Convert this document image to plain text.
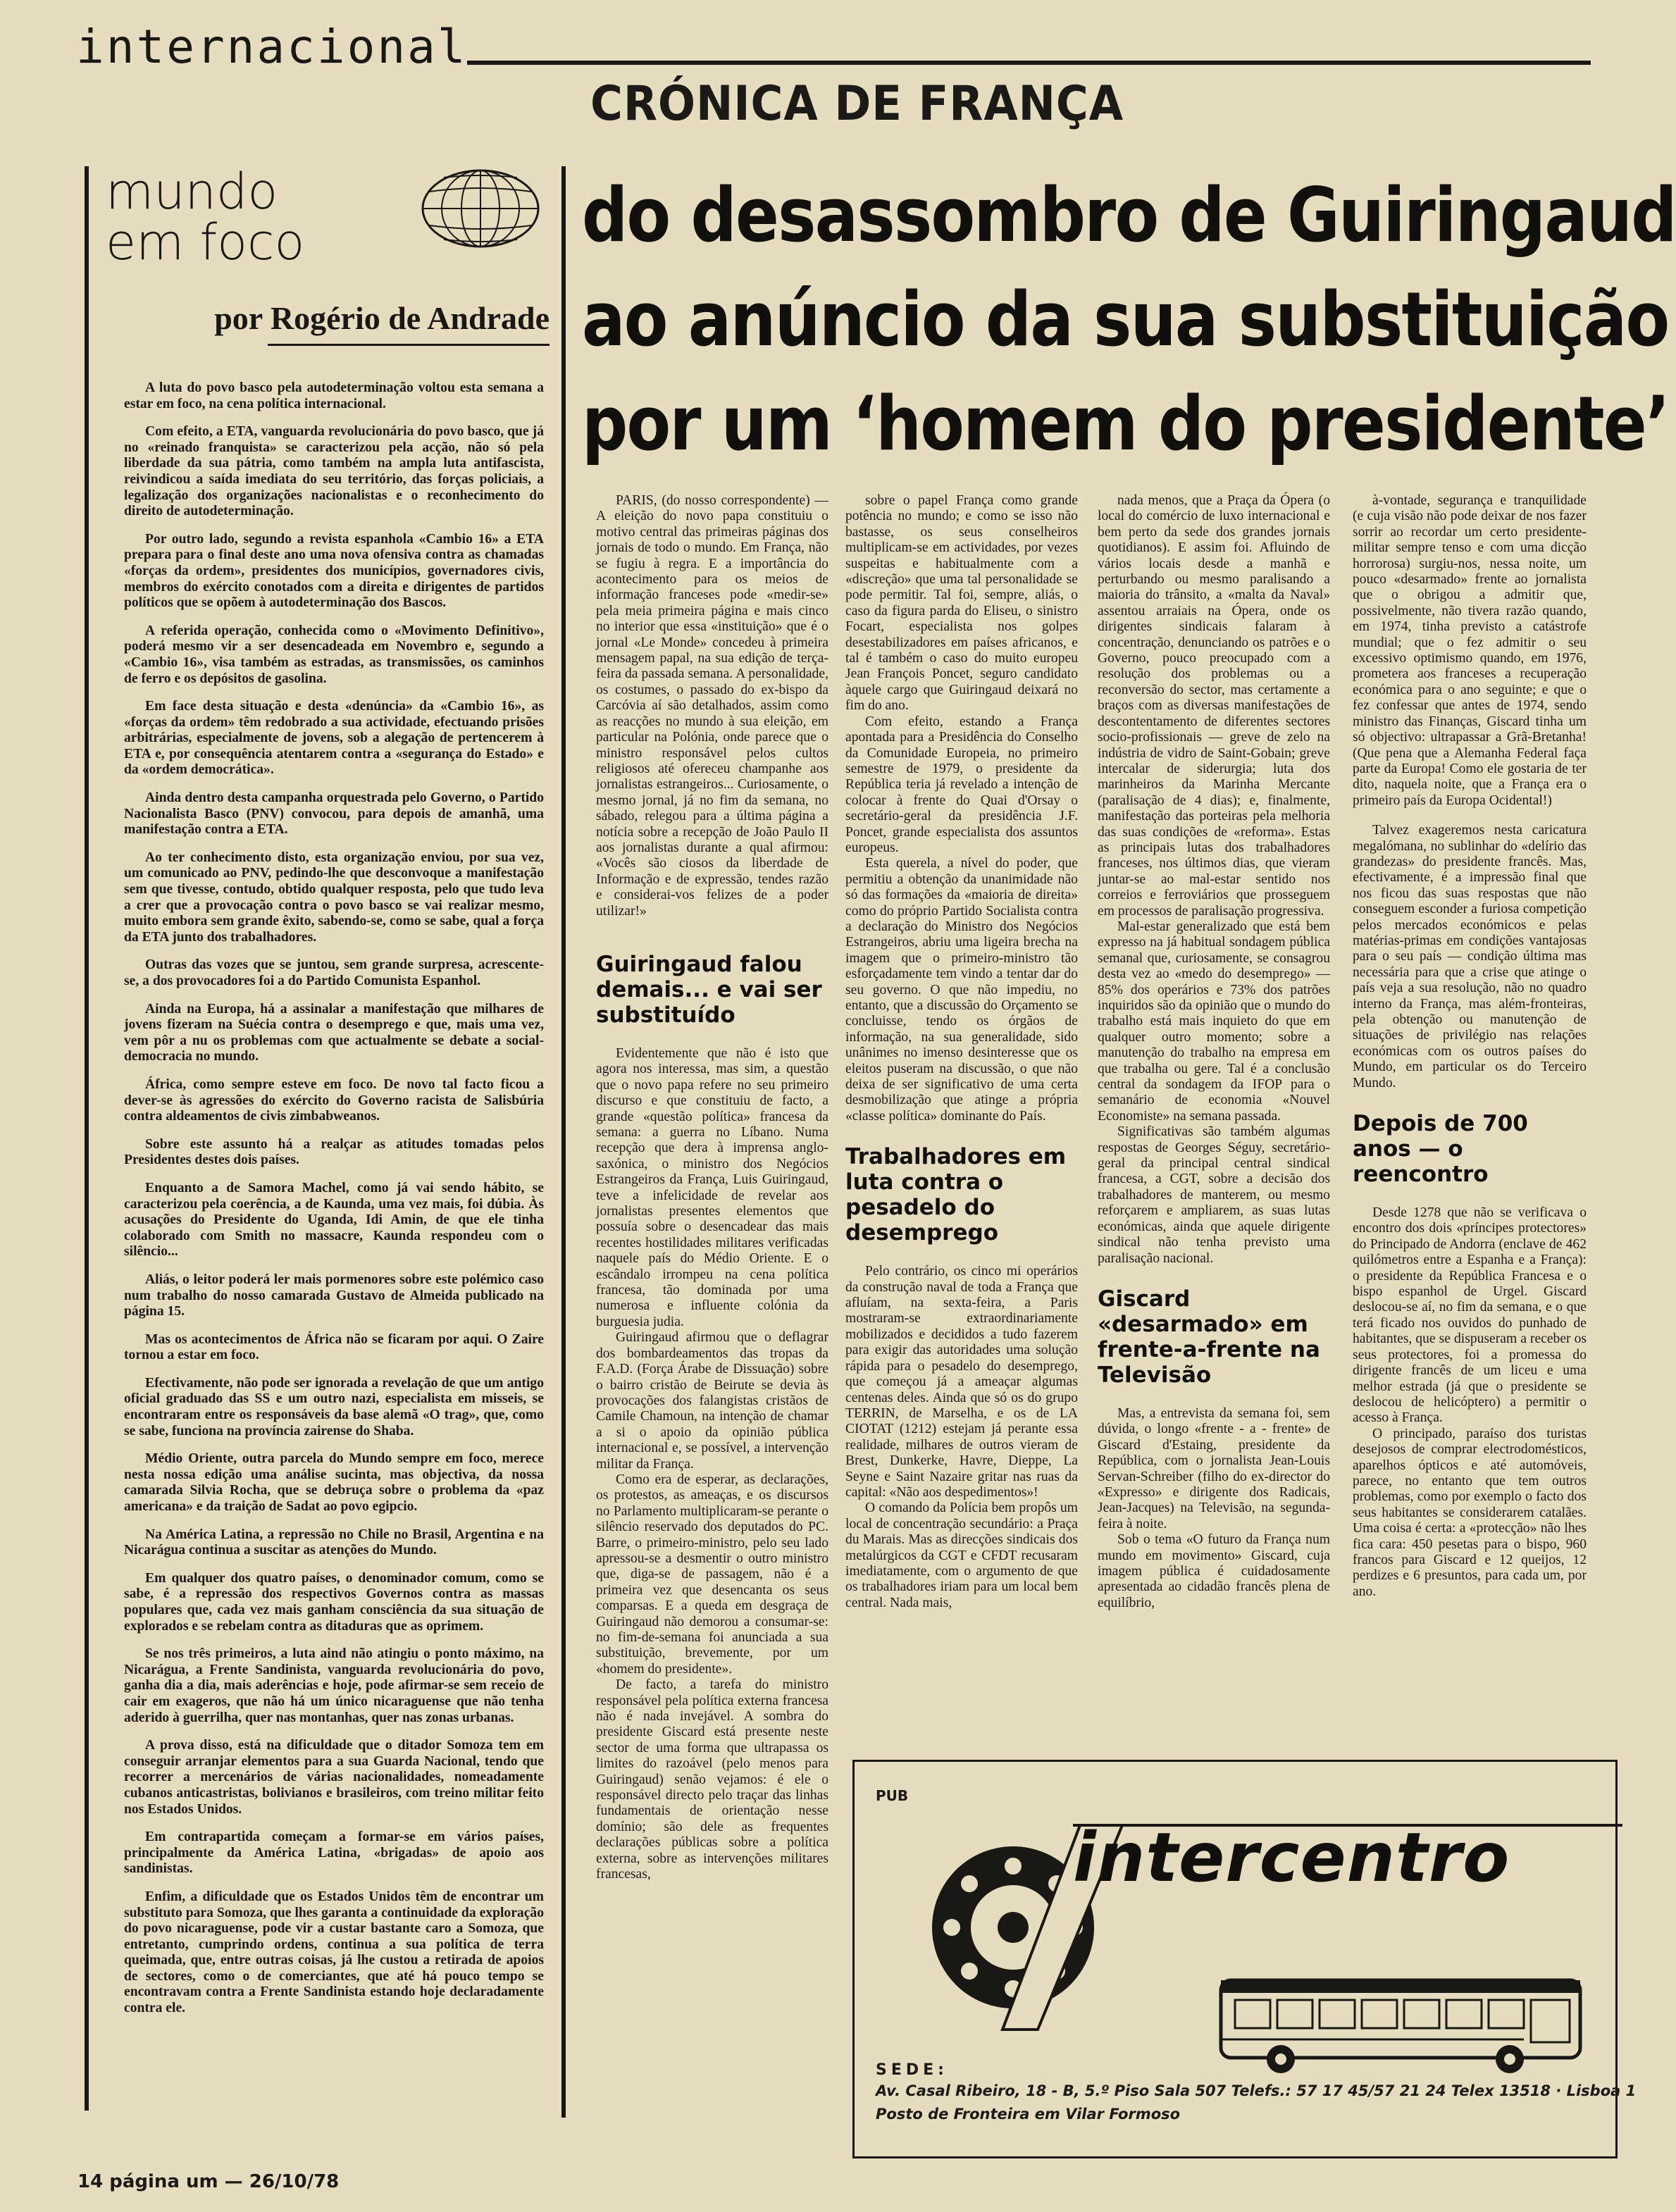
internacional
mundo
em foco
por Rogério de Andrade

A luta do povo basco pela autodeterminação voltou esta semana a estar em foco, na cena política internacional.

Com efeito, a ETA, vanguarda revolucionária do povo basco, que já no «reinado franquista» se caracterizou pela acção, não só pela liberdade da sua pátria, como também na ampla luta antifascista, reivindicou a saída imediata do seu território, das forças policiais, a legalização dos organizações nacionalistas e o reconhecimento do direito de autodeterminação.

Por outro lado, segundo a revista espanhola «Cambio 16» a ETA prepara para o final deste ano uma nova ofensiva contra as chamadas «forças da ordem», presidentes dos municípios, governadores civis, membros do exército conotados com a direita e dirigentes de partidos políticos que se opõem à autodeterminação dos Bascos.

A referida operação, conhecida como o «Movimento Definitivo», poderá mesmo vir a ser desencadeada em Novembro e, segundo a «Cambio 16», visa também as estradas, as transmissões, os caminhos de ferro e os depósitos de gasolina.

Em face desta situação e desta «denúncia» da «Cambio 16», as «forças da ordem» têm redobrado a sua actividade, efectuando prisões arbitrárias, especialmente de jovens, sob a alegação de pertencerem à ETA e, por consequência atentarem contra a «segurança do Estado» e da «ordem democrática».

Ainda dentro desta campanha orquestrada pelo Governo, o Partido Nacionalista Basco (PNV) convocou, para depois de amanhã, uma manifestação contra a ETA.

Ao ter conhecimento disto, esta organização enviou, por sua vez, um comunicado ao PNV, pedindo-lhe que desconvoque a manifestação sem que tivesse, contudo, obtido qualquer resposta, pelo que tudo leva a crer que a provocação contra o povo basco se vai realizar mesmo, muito embora sem grande êxito, sabendo-se, como se sabe, qual a força da ETA junto dos trabalhadores.

Outras das vozes que se juntou, sem grande surpresa, acrescente-se, a dos provocadores foi a do Partido Comunista Espanhol.

Ainda na Europa, há a assinalar a manifestação que milhares de jovens fizeram na Suécia contra o desemprego e que, mais uma vez, vem pôr a nu os problemas com que actualmente se debate a social-democracia no mundo.

África, como sempre esteve em foco. De novo tal facto ficou a dever-se às agressões do exército do Governo racista de Salisbúria contra aldeamentos de civis zimbabweanos.

Sobre este assunto há a realçar as atitudes tomadas pelos Presidentes destes dois países.

Enquanto a de Samora Machel, como já vai sendo hábito, se caracterizou pela coerência, a de Kaunda, uma vez mais, foi dúbia. Às acusações do Presidente do Uganda, Idi Amin, de que ele tinha colaborado com Smith no massacre, Kaunda respondeu com o silêncio...

Aliás, o leitor poderá ler mais pormenores sobre este polémico caso num trabalho do nosso camarada Gustavo de Almeida publicado na página 15.

Mas os acontecimentos de África não se ficaram por aqui. O Zaire tornou a estar em foco.

Efectivamente, não pode ser ignorada a revelação de que um antigo oficial graduado das SS e um outro nazi, especialista em misseis, se encontraram entre os responsáveis da base alemã «O trag», que, como se sabe, funciona na província zairense do Shaba.

Médio Oriente, outra parcela do Mundo sempre em foco, merece nesta nossa edição uma análise sucinta, mas objectiva, da nossa camarada Silvia Rocha, que se debruça sobre o problema da «paz americana» e da traição de Sadat ao povo egipcio.

Na América Latina, a repressão no Chile no Brasil, Argentina e na Nicarágua continua a suscitar as atenções do Mundo.

Em qualquer dos quatro países, o denominador comum, como se sabe, é a repressão dos respectivos Governos contra as massas populares que, cada vez mais ganham consciência da sua situação de explorados e se rebelam contra as ditaduras que as oprimem.

Se nos três primeiros, a luta aind não atingiu o ponto máximo, na Nicarágua, a Frente Sandinista, vanguarda revolucionária do povo, ganha dia a dia, mais aderências e hoje, pode afirmar-se sem receio de cair em exageros, que não há um único nicaraguense que não tenha aderido à guerrilha, quer nas montanhas, quer nas zonas urbanas.

A prova disso, está na dificuldade que o ditador Somoza tem em conseguir arranjar elementos para a sua Guarda Nacional, tendo que recorrer a mercenários de várias nacionalidades, nomeadamente cubanos anticastristas, bolivianos e brasileiros, com treino militar feito nos Estados Unidos.

Em contrapartida começam a formar-se em vários países, principalmente da América Latina, «brigadas» de apoio aos sandinistas.

Enfim, a dificuldade que os Estados Unidos têm de encontrar um substituto para Somoza, que lhes garanta a continuidade da exploração do povo nicaraguense, pode vir a custar bastante caro a Somoza, que entretanto, cumprindo ordens, continua a sua política de terra queimada, que, entre outras coisas, já lhe custou a retirada de apoios de sectores, como o de comerciantes, que até há pouco tempo se encontravam contra a Frente Sandinista estando hoje declaradamente contra ele.

CRÓNICA DE FRANÇA
do desassombro de Guiringaud
ao anúncio da sua substituição
por um ‘homem do presidente’

PARIS, (do nosso correspondente) — A eleição do novo papa constituiu o motivo central das primeiras páginas dos jornais de todo o mundo. Em França, não se fugiu à regra. E a importância do acontecimento para os meios de informação franceses pode «medir-se» pela meia primeira página e mais cinco no interior que essa «instituição» que é o jornal «Le Monde» concedeu à primeira mensagem papal, na sua edição de terça-feira da passada semana. A personalidade, os costumes, o passado do ex-bispo da Carcóvia aí são detalhados, assim como as reacções no mundo à sua eleição, em particular na Polónia, onde parece que o ministro responsável pelos cultos religiosos até ofereceu champanhe aos jornalistas estrangeiros... Curiosamente, o mesmo jornal, já no fim da semana, no sábado, relegou para a última página a notícia sobre a recepção de João Paulo II aos jornalistas durante a qual afirmou: «Vocês são ciosos da liberdade de Informação e de expressão, tendes razão e considerai-vos felizes de a poder utilizar!»

Guiringaud falou demais... e vai ser substituído

Evidentemente que não é isto que agora nos interessa, mas sim, a questão que o novo papa refere no seu primeiro discurso e que constituiu de facto, a grande «questão política» francesa da semana: a guerra no Líbano. Numa recepção que dera à imprensa anglo-saxónica, o ministro dos Negócios Estrangeiros da França, Luis Guiringaud, teve a infelicidade de revelar aos jornalistas presentes elementos que possuía sobre o desencadear das mais recentes hostilidades militares verificadas naquele país do Médio Oriente. E o escândalo irrompeu na cena política francesa, tão dominada por uma numerosa e influente colónia da burguesia judia.

Guiringaud afirmou que o deflagrar dos bombardeamentos das tropas da F.A.D. (Força Árabe de Dissuação) sobre o bairro cristão de Beirute se devia às provocações dos falangistas cristãos de Camile Chamoun, na intenção de chamar a si o apoio da opinião pública internacional e, se possível, a intervenção militar da França.

Como era de esperar, as declarações, os protestos, as ameaças, e os discursos no Parlamento multiplicaram-se perante o silêncio reservado dos deputados do PC. Barre, o primeiro-ministro, pelo seu lado apressou-se a desmentir o outro ministro que, diga-se de passagem, não é a primeira vez que desencanta os seus comparsas. E a queda em desgraça de Guiringaud não demorou a consumar-se: no fim-de-semana foi anunciada a sua substituição, brevemente, por um «homem do presidente».

De facto, a tarefa do ministro responsável pela política externa francesa não é nada invejável. A sombra do presidente Giscard está presente neste sector de uma forma que ultrapassa os limites do razoável (pelo menos para Guiringaud) senão vejamos: é ele o responsável directo pelo traçar das linhas fundamentais de orientação nesse domínio; são dele as frequentes declarações públicas sobre a política externa, sobre as intervenções militares francesas,

sobre o papel França como grande potência no mundo; e como se isso não bastasse, os seus conselheiros multiplicam-se em actividades, por vezes suspeitas e habitualmente com a «discreção» que uma tal personalidade se pode permitir. Tal foi, sempre, aliás, o caso da figura parda do Eliseu, o sinistro Focart, especialista nos golpes desestabilizadores em países africanos, e tal é também o caso do muito europeu Jean François Poncet, seguro candidato àquele cargo que Guiringaud deixará no fim do ano.

Com efeito, estando a França apontada para a Presidência do Conselho da Comunidade Europeia, no primeiro semestre de 1979, o presidente da República teria já revelado a intenção de colocar à frente do Quai d'Orsay o secretário-geral da presidência J.F. Poncet, grande especialista dos assuntos europeus.

Esta querela, a nível do poder, que permitiu a obtenção da unanimidade não só das formações da «maioria de direita» como do próprio Partido Socialista contra a declaração do Ministro dos Negócios Estrangeiros, abriu uma ligeira brecha na imagem que o primeiro-ministro tão esforçadamente tem vindo a tentar dar do seu governo. O que não impediu, no entanto, que a discussão do Orçamento se concluisse, tendo os órgãos de informação, na sua generalidade, sido unânimes no imenso desinteresse que os eleitos puseram na discussão, o que não deixa de ser significativo de uma certa desmobilização que atinge a própria «classe política» dominante do País.

Trabalhadores em luta contra o pesadelo do desemprego

Pelo contrário, os cinco mi operários da construção naval de toda a França que afluíam, na sexta-feira, a Paris mostraram-se extraordinariamente mobilizados e decididos a tudo fazerem para exigir das autoridades uma solução rápida para o pesadelo do desemprego, que começou já a ameaçar algumas centenas deles. Ainda que só os do grupo TERRIN, de Marselha, e os de LA CIOTAT (1212) estejam já perante essa realidade, milhares de outros vieram de Brest, Dunkerke, Havre, Dieppe, La Seyne e Saint Nazaire gritar nas ruas da capital: «Não aos despedimentos»!

O comando da Polícia bem propôs um local de concentração secundário: a Praça du Marais. Mas as direcções sindicais dos metalúrgicos da CGT e CFDT recusaram imediatamente, com o argumento de que os trabalhadores iriam para um local bem central. Nada mais,

nada menos, que a Praça da Ópera (o local do comércio de luxo internacional e bem perto da sede dos grandes jornais quotidianos). E assim foi. Afluindo de vários locais desde a manhã e perturbando ou mesmo paralisando a maioria do trânsito, a «malta da Naval» assentou arraiais na Ópera, onde os dirigentes sindicais falaram à concentração, denunciando os patrões e o Governo, pouco preocupado com a resolução dos problemas ou a reconversão do sector, mas certamente a braços com as diversas manifestações de descontentamento de diferentes sectores socio-profissionais — greve de zelo na indústria de vidro de Saint-Gobain; greve intercalar de siderurgia; luta dos marinheiros da Marinha Mercante (paralisação de 4 dias); e, finalmente, manifestação das porteiras pela melhoria das suas condições de «reforma». Estas as principais lutas dos trabalhadores franceses, nos últimos dias, que vieram juntar-se ao mal-estar sentido nos correios e ferroviários que prosseguem em processos de paralisação progressiva.

Mal-estar generalizado que está bem expresso na já habitual sondagem pública semanal que, curiosamente, se consagrou desta vez ao «medo do desemprego» — 85% dos operários e 73% dos patrões inquiridos são da opinião que o mundo do trabalho está mais inquieto do que em qualquer outro momento; sobre a manutenção do trabalho na empresa em que trabalha ou gere. Tal é a conclusão central da sondagem da IFOP para o semanário de economia «Nouvel Economiste» na semana passada.

Significativas são também algumas respostas de Georges Séguy, secretário-geral da principal central sindical francesa, a CGT, sobre a decisão dos trabalhadores de manterem, ou mesmo reforçarem e ampliarem, as suas lutas económicas, ainda que aquele dirigente sindical não tenha previsto uma paralisação nacional.

Giscard «desarmado» em frente-a-frente na Televisão

Mas, a entrevista da semana foi, sem dúvida, o longo «frente - a - frente» de Giscard d'Estaing, presidente da República, com o jornalista Jean-Louis Servan-Schreiber (filho do ex-director do «Expresso» e dirigente dos Radicais, Jean-Jacques) na Televisão, na segunda-feira à noite.

Sob o tema «O futuro da França num mundo em movimento» Giscard, cuja imagem pública é cuidadosamente apresentada ao cidadão francês plena de equilíbrio,

à-vontade, segurança e tranquilidade (e cuja visão não pode deixar de nos fazer sorrir ao recordar um certo presidente-militar sempre tenso e com uma dicção horrorosa) surgiu-nos, nessa noite, um pouco «desarmado» frente ao jornalista que o obrigou a admitir que, possivelmente, não tivera razão quando, em 1974, tinha previsto a catástrofe mundial; que o fez admitir o seu excessivo optimismo quando, em 1976, prometera aos franceses a recuperação económica para o ano seguinte; e que o fez confessar que antes de 1974, sendo ministro das Finanças, Giscard tinha um só objectivo: ultrapassar a Grã-Bretanha! (Que pena que a Alemanha Federal faça parte da Europa! Como ele gostaria de ter dito, naquela noite, que a França era o primeiro país da Europa Ocidental!)

Talvez exageremos nesta caricatura megalómana, no sublinhar do «delírio das grandezas» do presidente francês. Mas, efectivamente, é a impressão final que nos ficou das suas respostas que não conseguem esconder a furiosa competição pelos mercados económicos e pelas matérias-primas em condições vantajosas para o seu país — condição última mas necessária para que a crise que atinge o país veja a sua resolução, não no quadro interno da França, mas além-fronteiras, pela obtenção ou manutenção de situações de privilégio nas relações económicas com os outros países do Mundo, em particular os do Terceiro Mundo.

Depois de 700 anos — o reencontro

Desde 1278 que não se verificava o encontro dos dois «príncipes protectores» do Principado de Andorra (enclave de 462 quilómetros entre a Espanha e a França): o presidente da República Francesa e o bispo espanhol de Urgel. Giscard deslocou-se aí, no fim da semana, e o que terá ficado nos ouvidos do punhado de habitantes, que se dispuseram a receber os seus protectores, foi a promessa do dirigente francês de um liceu e uma melhor estrada (já que o presidente se deslocou de helicóptero) a permitir o acesso à França.

O principado, paraíso dos turistas desejosos de comprar electrodomésticos, aparelhos ópticos e até automóveis, parece, no entanto que tem outros problemas, como por exemplo o facto dos seus habitantes se considerarem catalães. Uma coisa é certa: a «protecção» não lhes fica cara: 450 pesetas para o bispo, 960 francos para Giscard e 12 queijos, 12 perdizes e 6 presuntos, para cada um, por ano.

PUB
intercentro
SEDE:
Av. Casal Ribeiro, 18 - B, 5.º Piso Sala 507 Telefs.: 57 17 45/57 21 24 Telex 13518 · Lisboa 1
Posto de Fronteira em Vilar Formoso
14 página um — 26/10/78
